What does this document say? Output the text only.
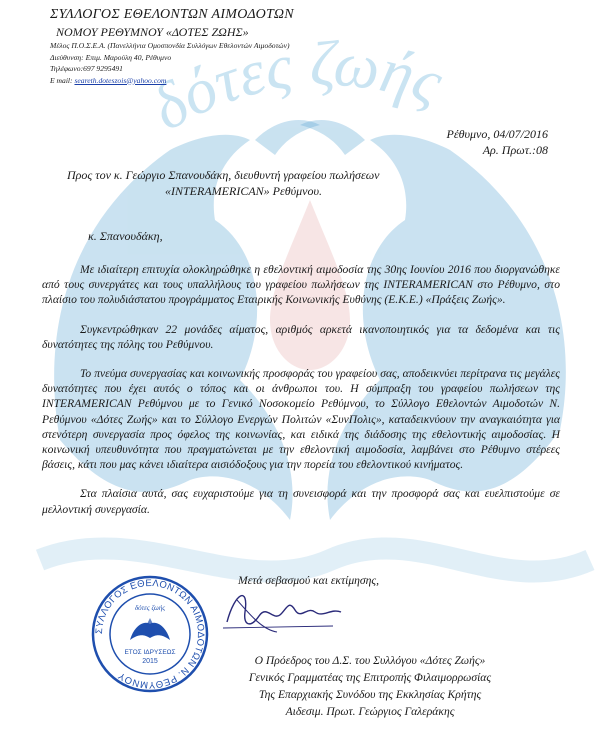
δότες ζωής

ΣΥΛΛΟΓΟΣ ΕΘΕΛΟΝΤΩΝ ΑΙΜΟΔΟΤΩΝ

ΝΟΜΟΥ ΡΕΘΥΜΝΟΥ «ΔΟΤΕΣ ΖΩΗΣ»

Μέλος Π.Ο.Σ.Ε.Α. (Πανελλήνια Ομοσπονδία Συλλόγων Εθελοντών Αιμοδοτών)

Διεύθυνση: Επιμ. Μαρούλη 40, Ρέθυμνο

Τηλέφωνο:697 9295491

E mail: seareth.doteszois@yahoo.com

Ρέθυμνο, 04/07/2016
Αρ. Πρωτ.:08

Προς τον κ. Γεώργιο Σπανουδάκη, διευθυντή γραφείου πωλήσεων

«INTERAMERICAN» Ρεθύμνου.

κ. Σπανουδάκη,

Με ιδιαίτερη επιτυχία ολοκληρώθηκε η εθελοντική αιμοδοσία της 30ης Ιουνίου 2016 που διοργανώθηκε από τους συνεργάτες και τους υπαλλήλους του γραφείου πωλήσεων της INTERAMERICAN στο Ρέθυμνο, στο πλαίσιο του πολυδιάστατου προγράμματος Εταιρικής Κοινωνικής Ευθύνης (Ε.Κ.Ε.) «Πράξεις Ζωής».

Συγκεντρώθηκαν 22 μονάδες αίματος, αριθμός αρκετά ικανοποιητικός για τα δεδομένα και τις δυνατότητες της πόλης του Ρεθύμνου.

Το πνεύμα συνεργασίας και κοινωνικής προσφοράς του γραφείου σας, αποδεικνύει περίτρανα τις μεγάλες δυνατότητες που έχει αυτός ο τόπος και οι άνθρωποι του. Η σύμπραξη του γραφείου πωλήσεων της INTERAMERICAN Ρεθύμνου με το Γενικό Νοσοκομείο Ρεθύμνου, το Σύλλογο Εθελοντών Αιμοδοτών Ν. Ρεθύμνου «Δότες Ζωής» και το Σύλλογο Ενεργών Πολιτών «ΣυνΠολις», καταδεικνύουν την αναγκαιότητα για στενότερη συνεργασία προς όφελος της κοινωνίας, και ειδικά της διάδοσης της εθελοντικής αιμοδοσίας. Η κοινωνική υπευθυνότητα που πραγματώνεται με την εθελοντική αιμοδοσία, λαμβάνει στο Ρέθυμνο στέρεες βάσεις, κάτι που μας κάνει ιδιαίτερα αισιόδοξους για την πορεία του εθελοντικού κινήματος.

Στα πλαίσια αυτά, σας ευχαριστούμε για τη συνεισφορά και την προσφορά σας και ευελπιστούμε σε μελλοντική συνεργασία.

ΣΥΛΛΟΓΟΣ ΕΘΕΛΟΝΤΩΝ ΑΙΜΟΔΟΤΩΝ Ν. ΡΕΘΥΜΝΟΥ
δότες ζωής
ΕΤΟΣ ΙΔΡΥΣΕΩΣ
2015

Μετά σεβασμού και εκτίμησης,

Ο Πρόεδρος του Δ.Σ. του Συλλόγου «Δότες Ζωής»

Γενικός Γραμματέας της Επιτροπής Φιλαιμορρωσίας

Της Επαρχιακής Συνόδου της Εκκλησίας Κρήτης

Αιδεσιμ. Πρωτ. Γεώργιος Γαλεράκης
